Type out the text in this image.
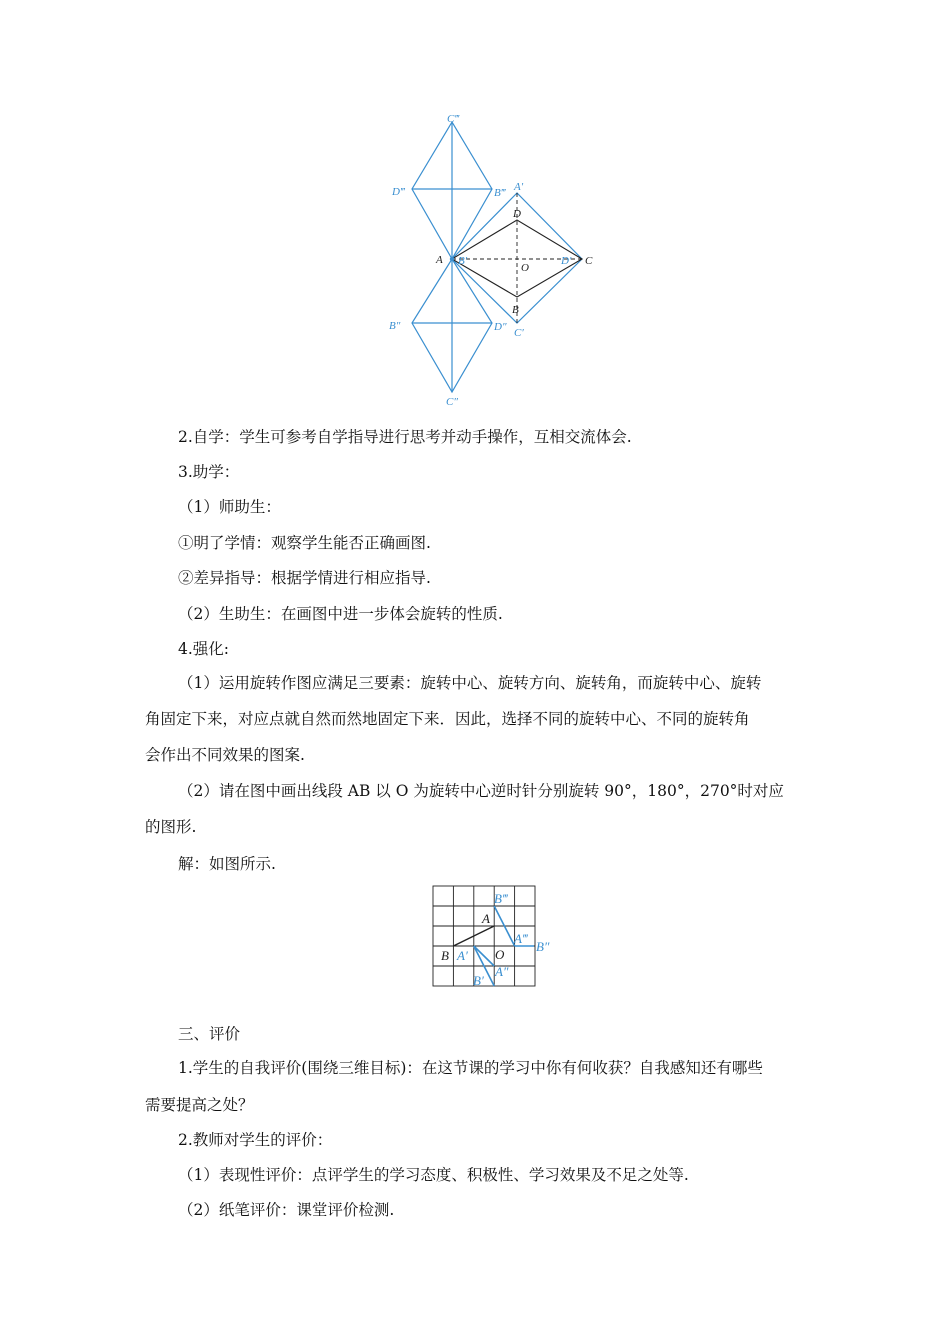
C‴
D‴	B‴ A′
D
A B′
O
D′ C
B
B″	D″ C′
C″
2.自学：学生可参考自学指导进行思考并动手操作，互相交流体会.
3.助学：
（1）师助生：
①明了学情：观察学生能否正确画图.
②差异指导：根据学情进行相应指导.
（2）生助生：在画图中进一步体会旋转的性质.
4.强化:
（1）运用旋转作图应满足三要素：旋转中心、旋转方向、旋转角，而旋转中心、旋转
角固定下来，对应点就自然而然地固定下来．因此，选择不同的旋转中心、不同的旋转角
会作出不同效果的图案.
（2）请在图中画出线段 AB 以 O 为旋转中心逆时针分别旋转 90°，180°，270°时对应
的图形.
解：如图所示.
B‴
A
A‴
B″
B A′ O
A″
B′
三、评价
1.学生的自我评价(围绕三维目标)：在这节课的学习中你有何收获？自我感知还有哪些
需要提高之处？
2.教师对学生的评价：
（1）表现性评价：点评学生的学习态度、积极性、学习效果及不足之处等.
（2）纸笔评价：课堂评价检测.
